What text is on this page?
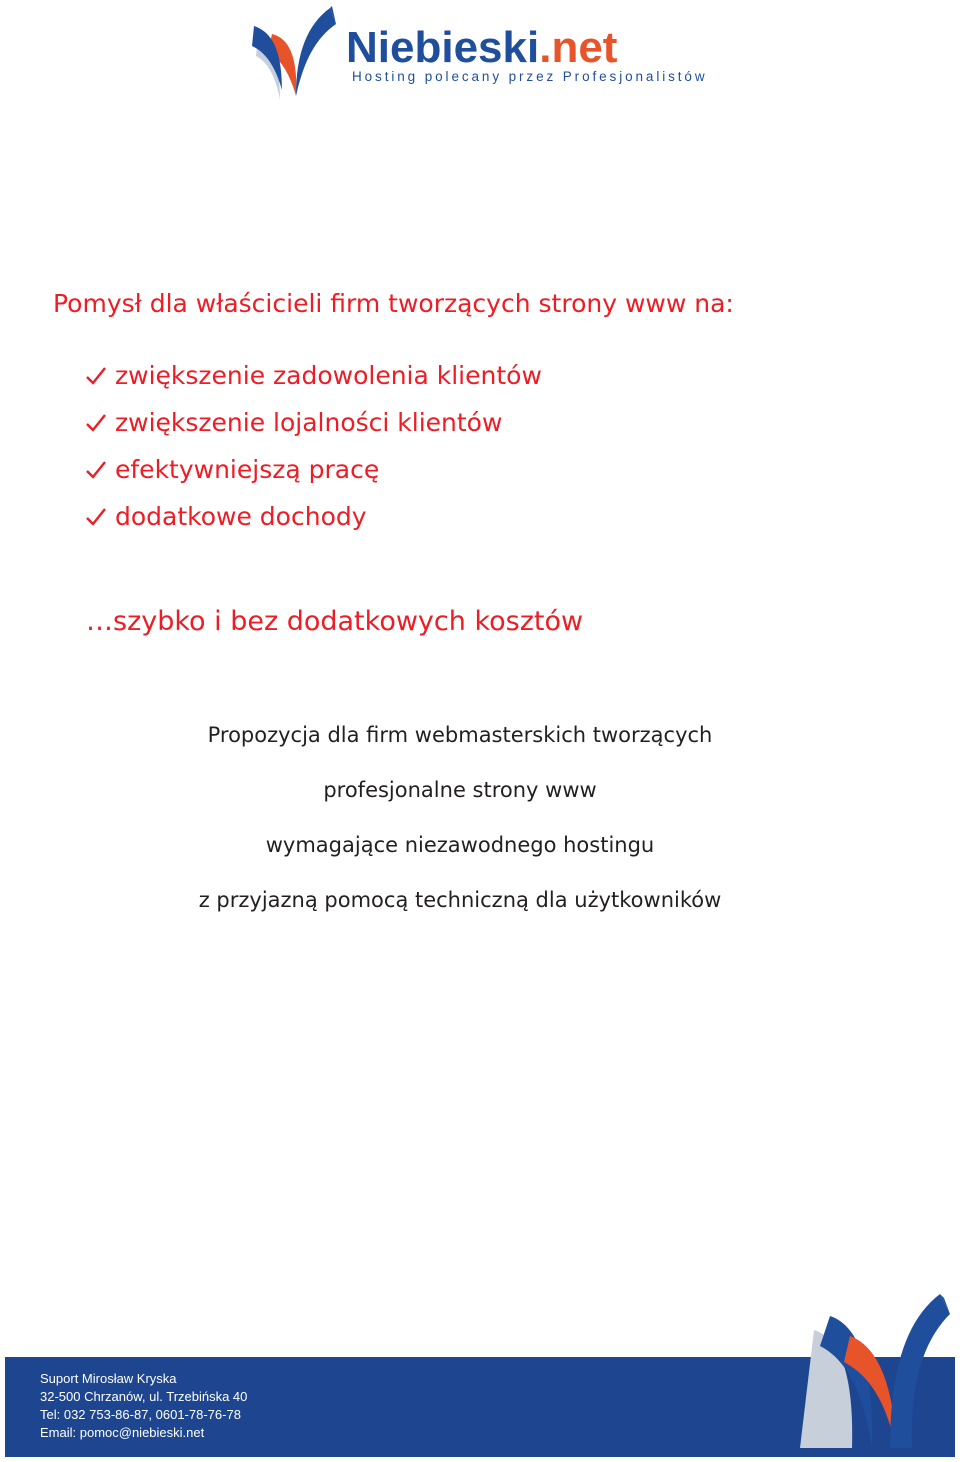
Niebieski.net
Hosting polecany przez Profesjonalistów
Pomysł dla właścicieli firm tworzących strony www na:
zwiększenie zadowolenia klientów
zwiększenie lojalności klientów
efektywniejszą pracę
dodatkowe dochody

…szybko i bez dodatkowych kosztów

Propozycja dla firm webmasterskich tworzących

profesjonalne strony www

wymagające niezawodnego hostingu

z przyjazną pomocą techniczną dla użytkowników

Suport Mirosław Kryska
32-500 Chrzanów, ul. Trzebińska 40
Tel: 032 753-86-87, 0601-78-76-78
Email: pomoc@niebieski.net
